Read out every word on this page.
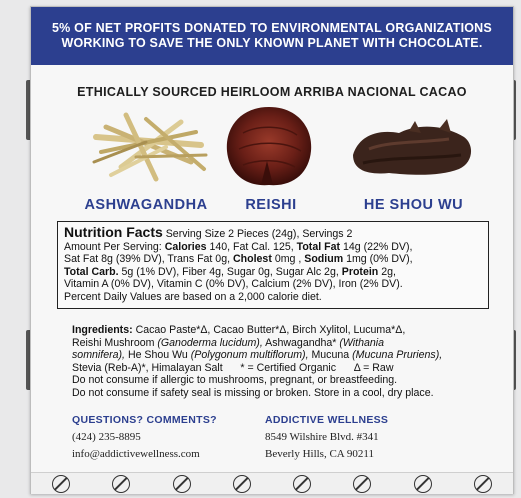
5% OF NET PROFITS DONATED TO ENVIRONMENTAL ORGANIZATIONS
WORKING TO SAVE THE ONLY KNOWN PLANET WITH CHOCOLATE.
ETHICALLY SOURCED HEIRLOOM ARRIBA NACIONAL CACAO
ASHWAGANDHA	REISHI	HE SHOU WU
Nutrition Facts Serving Size 2 Pieces (24g), Servings 2
Amount Per Serving: Calories 140, Fat Cal. 125, Total Fat 14g (22% DV),
Sat Fat 8g (39% DV), Trans Fat 0g, Cholest 0mg , Sodium 1mg (0% DV),
Total Carb. 5g (1% DV), Fiber 4g, Sugar 0g, Sugar Alc 2g, Protein 2g,
Vitamin A (0% DV), Vitamin C (0% DV), Calcium (2% DV), Iron (2% DV).
Percent Daily Values are based on a 2,000 calorie diet.
Ingredients: Cacao Paste*Δ, Cacao Butter*Δ, Birch Xylitol, Lucuma*Δ,
Reishi Mushroom (Ganoderma lucidum), Ashwagandha* (Withania
somnifera), He Shou Wu (Polygonum multiflorum), Mucuna (Mucuna Pruriens),
Stevia (Reb-A)*, Himalayan Salt      * = Certified Organic      Δ = Raw
Do not consume if allergic to mushrooms, pregnant, or breastfeeding.
Do not consume if safety seal is missing or broken. Store in a cool, dry place.
QUESTIONS? COMMENTS?
(424) 235-8895
info@addictivewellness.com
ADDICTIVE WELLNESS
8549 Wilshire Blvd. #341
Beverly Hills, CA 90211
